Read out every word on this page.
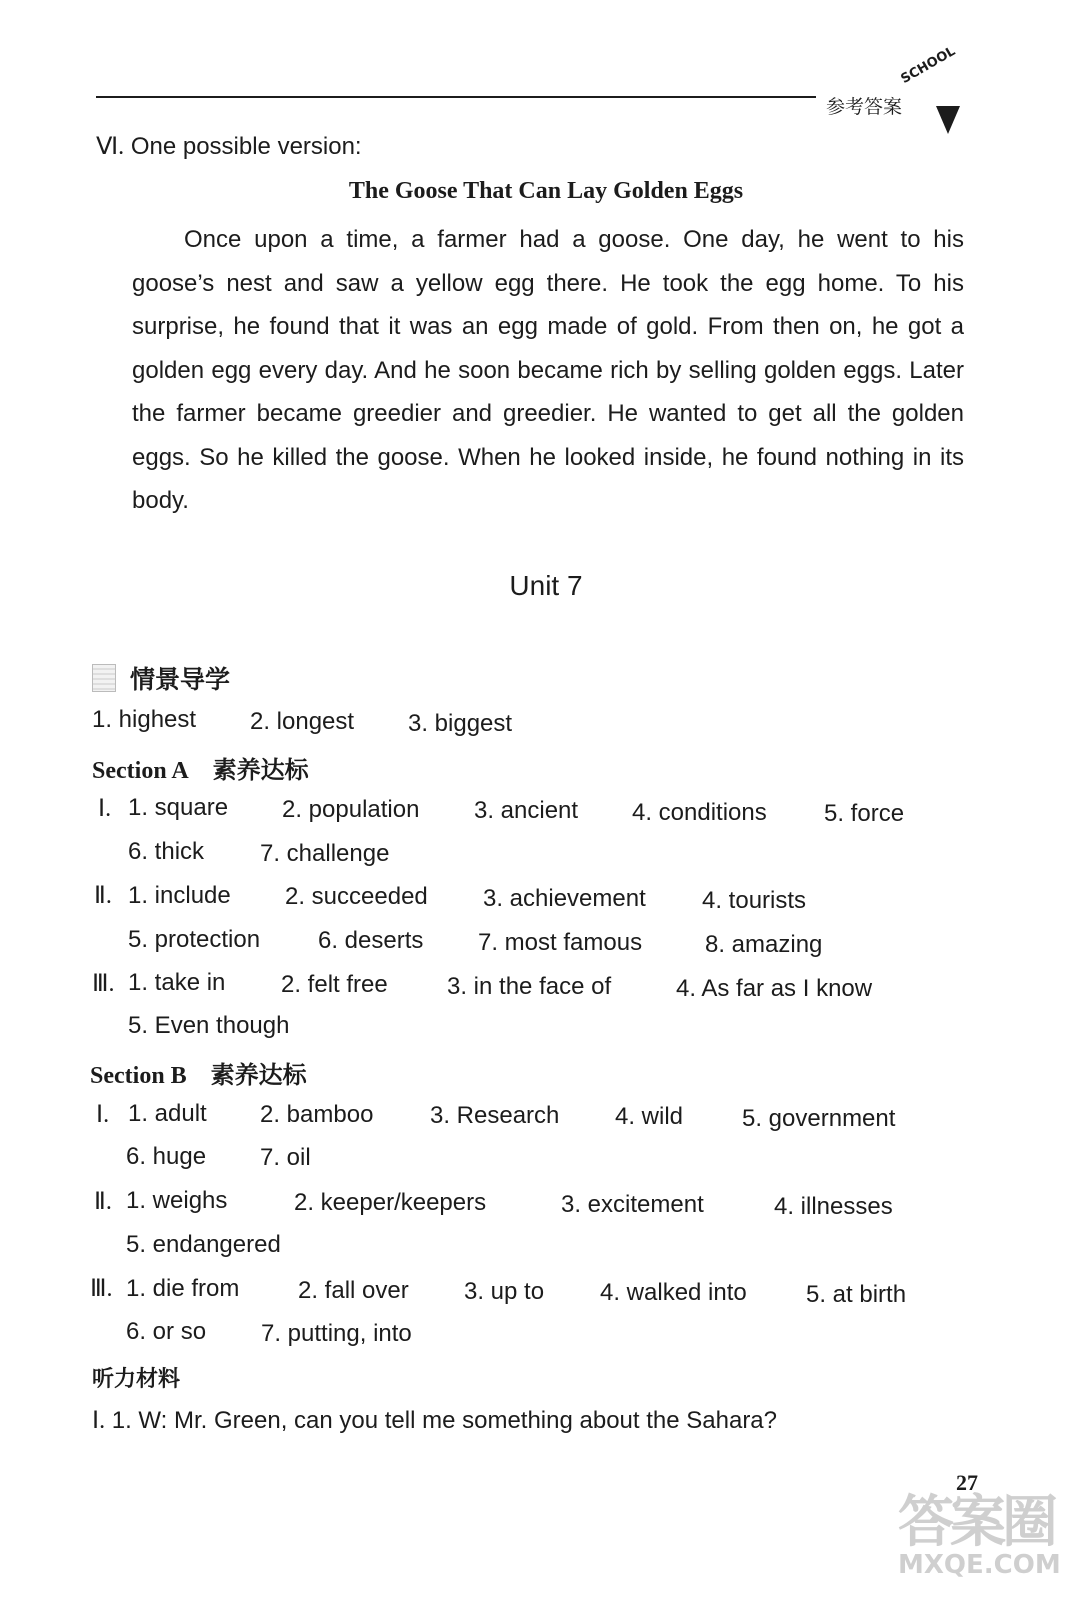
参考答案
SCHOOL
Ⅵ. One possible version:
The Goose That Can Lay Golden Eggs
Once upon a time, a farmer had a goose. One day, he went to his goose’s nest and saw a yellow egg there. He took the egg home. To his surprise, he found that it was an egg made of gold. From then on, he got a golden egg every day. And he soon became rich by selling golden eggs. Later the farmer became greedier and greedier. He wanted to get all the golden eggs. So he killed the goose. When he looked inside, he found nothing in its body.
Unit 7
情景导学
1. highest 2. longest 3. biggest
Section A 素养达标
Ⅰ. 1. square 2. population 3. ancient 4. conditions 5. force
6. thick 7. challenge
Ⅱ. 1. include 2. succeeded 3. achievement 4. tourists
5. protection 6. deserts 7. most famous	8. amazing
Ⅲ. 1. take in 2. felt free 3. in the face of	4. As far as I know
5. Even though
Section B 素养达标
Ⅰ. 1. adult 2. bamboo 3. Research 4. wild 5. government
6. huge 7. oil
Ⅱ. 1. weighs	2. keeper/keepers	3. excitement	4. illnesses
5. endangered
Ⅲ. 1. die from 2. fall over 3. up to 4. walked into 5. at birth
6. or so 7. putting, into
听力材料
Ⅰ. 1. W: Mr. Green, can you tell me something about the Sahara?
答案圈
MXQE.COM
27
